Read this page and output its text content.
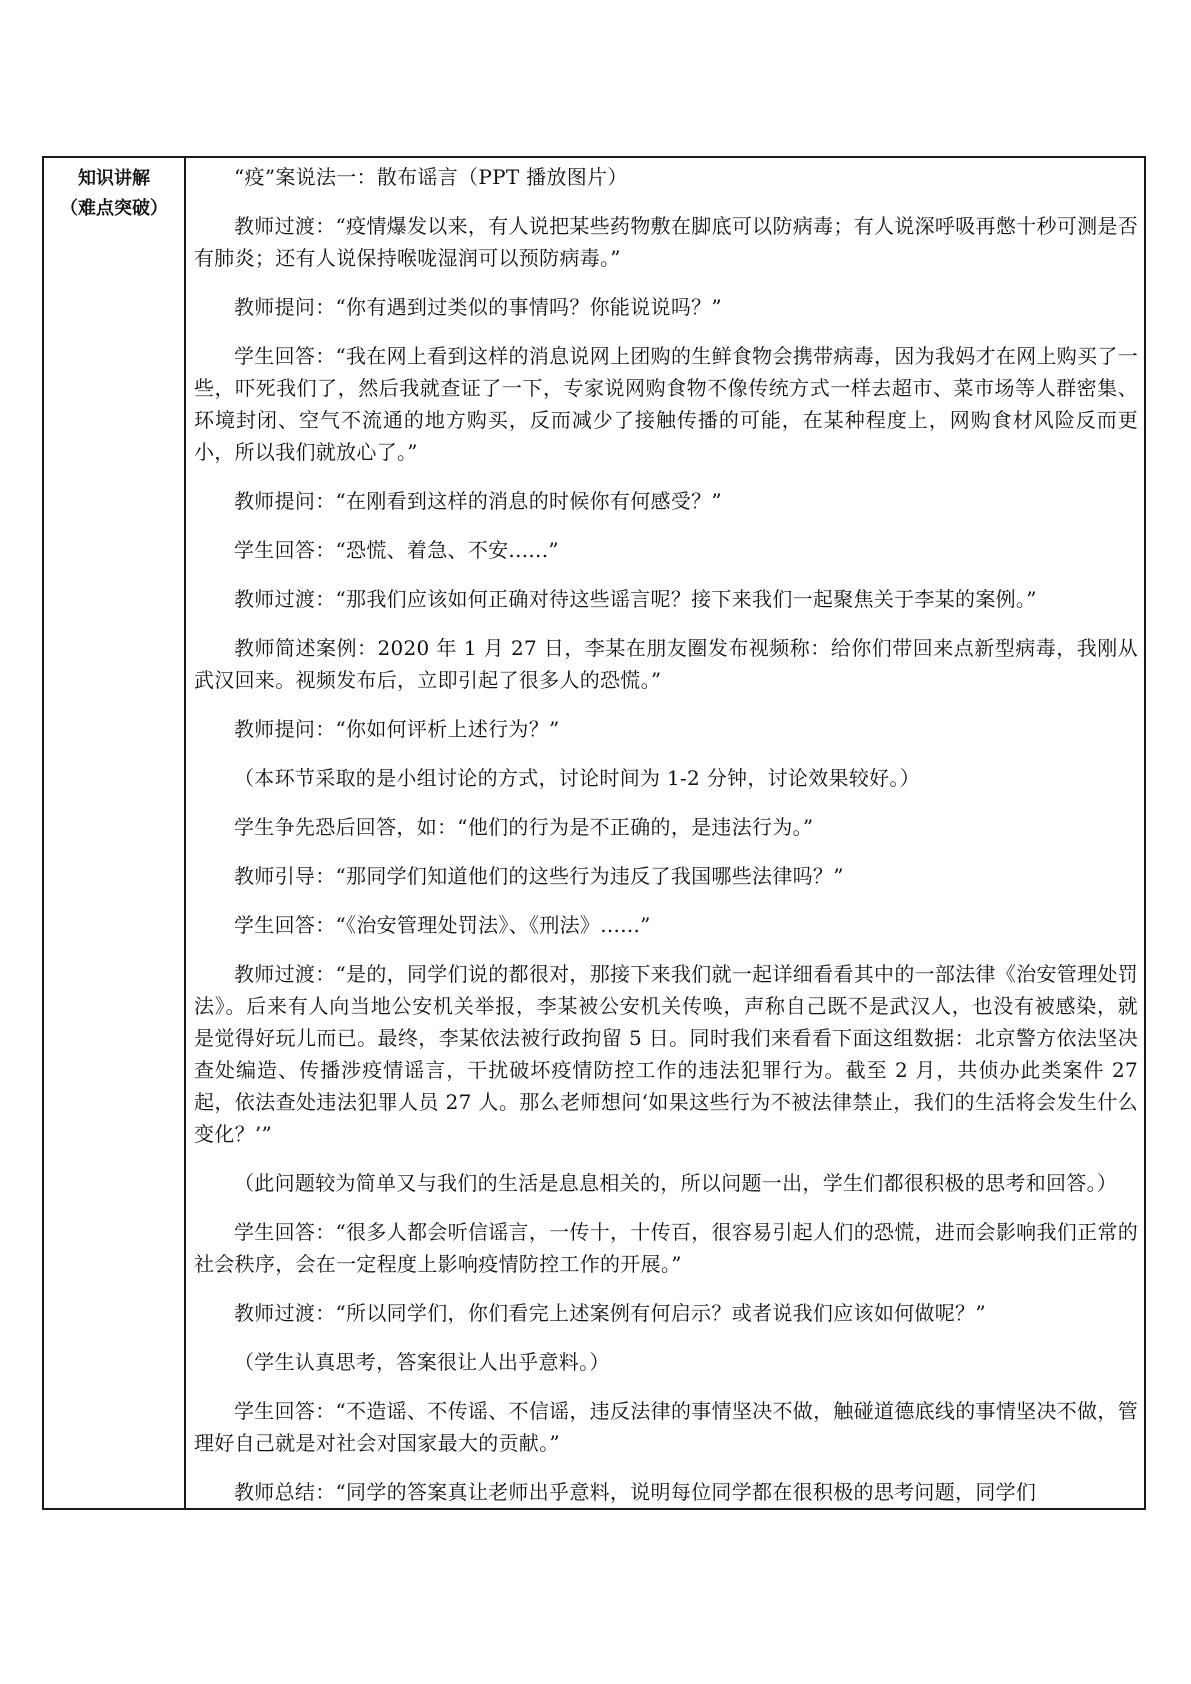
知识讲解
（难点突破）

“疫”案说法一：散布谣言（PPT 播放图片）

教师过渡：“疫情爆发以来，有人说把某些药物敷在脚底可以防病毒；有人说深呼吸再憋十秒可测是否有肺炎；还有人说保持喉咙湿润可以预防病毒。”

教师提问：“你有遇到过类似的事情吗？你能说说吗？”

学生回答：“我在网上看到这样的消息说网上团购的生鲜食物会携带病毒，因为我妈才在网上购买了一些，吓死我们了，然后我就查证了一下，专家说网购食物不像传统方式一样去超市、菜市场等人群密集、环境封闭、空气不流通的地方购买，反而减少了接触传播的可能，在某种程度上，网购食材风险反而更小，所以我们就放心了。”

教师提问：“在刚看到这样的消息的时候你有何感受？”

学生回答：“恐慌、着急、不安......”

教师过渡：“那我们应该如何正确对待这些谣言呢？接下来我们一起聚焦关于李某的案例。”

教师简述案例：2020 年 1 月 27 日，李某在朋友圈发布视频称：给你们带回来点新型病毒，我刚从武汉回来。视频发布后，立即引起了很多人的恐慌。”

教师提问：“你如何评析上述行为？”

（本环节采取的是小组讨论的方式，讨论时间为 1-2 分钟，讨论效果较好。）

学生争先恐后回答，如：“他们的行为是不正确的，是违法行为。”

教师引导：“那同学们知道他们的这些行为违反了我国哪些法律吗？”

学生回答：“《治安管理处罚法》、《刑法》......”

教师过渡：“是的，同学们说的都很对，那接下来我们就一起详细看看其中的一部法律《治安管理处罚法》。后来有人向当地公安机关举报，李某被公安机关传唤，声称自己既不是武汉人，也没有被感染，就是觉得好玩儿而已。最终，李某依法被行政拘留 5 日。同时我们来看看下面这组数据：北京警方依法坚决查处编造、传播涉疫情谣言，干扰破坏疫情防控工作的违法犯罪行为。截至 2 月，共侦办此类案件 27 起，依法查处违法犯罪人员 27 人。那么老师想问‘如果这些行为不被法律禁止，我们的生活将会发生什么变化？’”

（此问题较为简单又与我们的生活是息息相关的，所以问题一出，学生们都很积极的思考和回答。）

学生回答：“很多人都会听信谣言，一传十，十传百，很容易引起人们的恐慌，进而会影响我们正常的社会秩序，会在一定程度上影响疫情防控工作的开展。”

教师过渡：“所以同学们，你们看完上述案例有何启示？或者说我们应该如何做呢？”

（学生认真思考，答案很让人出乎意料。）

学生回答：“不造谣、不传谣、不信谣，违反法律的事情坚决不做，触碰道德底线的事情坚决不做，管理好自己就是对社会对国家最大的贡献。”

教师总结：“同学的答案真让老师出乎意料，说明每位同学都在很积极的思考问题，同学们
